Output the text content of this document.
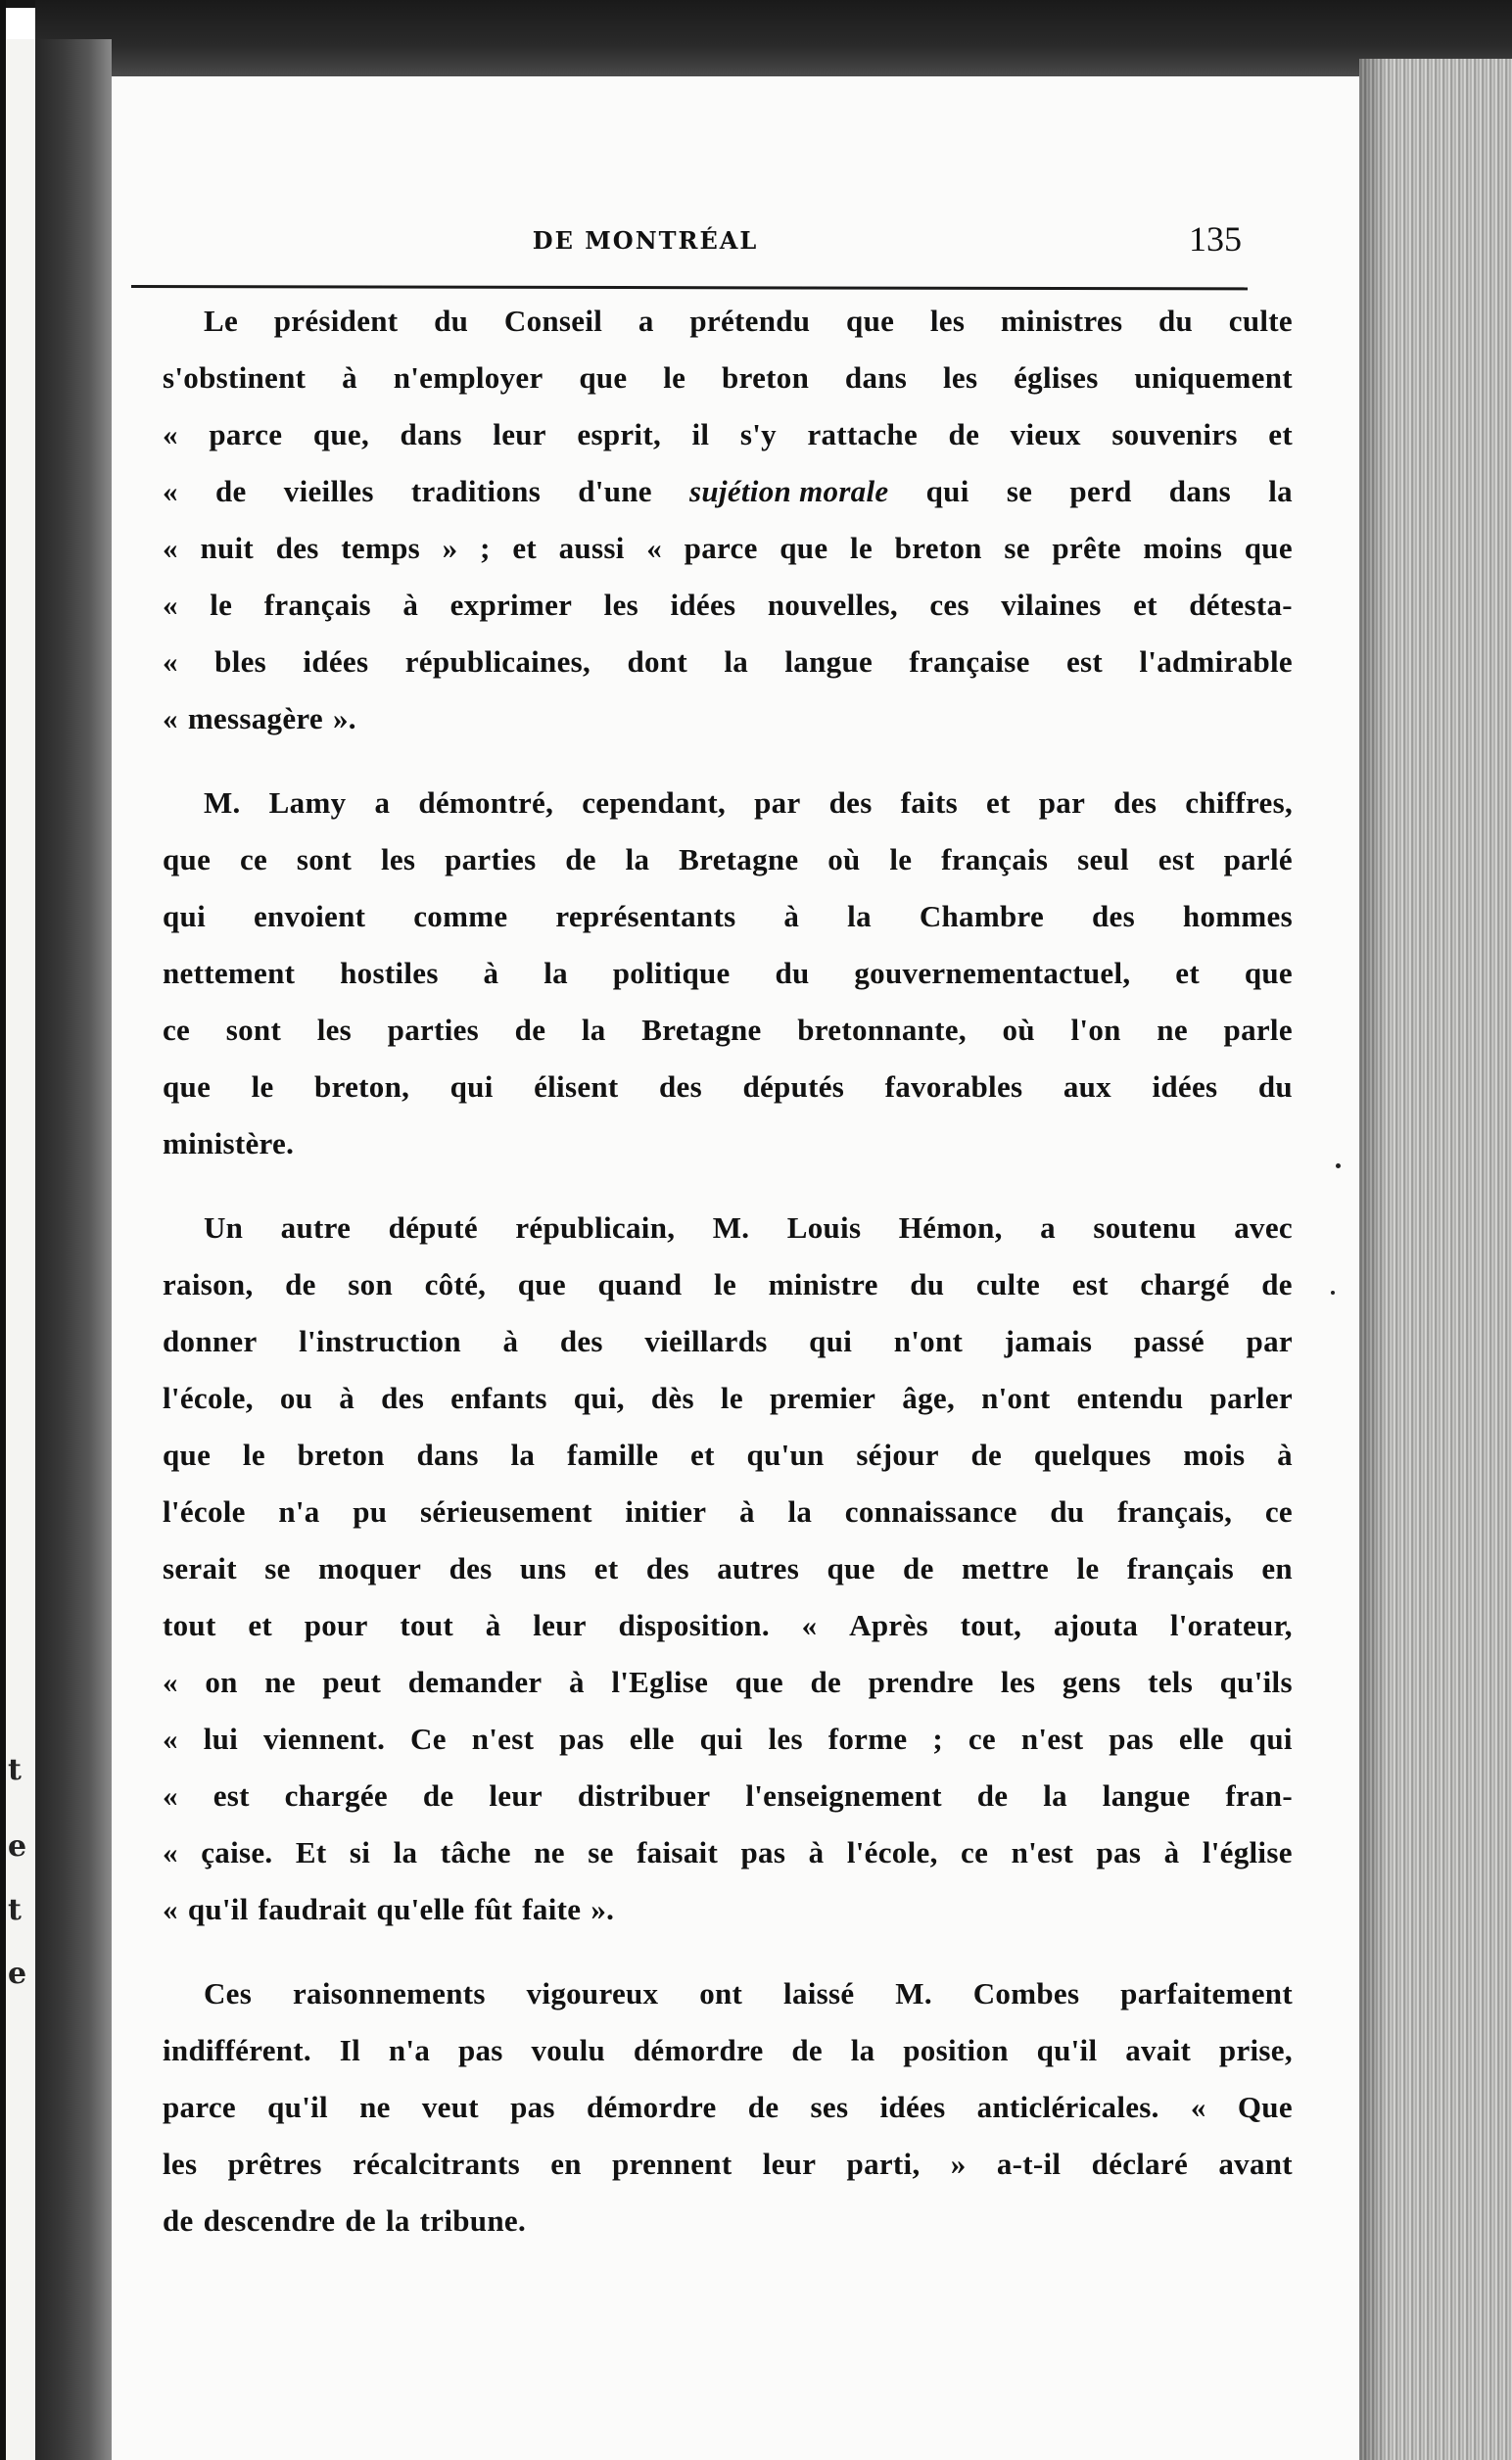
t
e
t
e
DE MONTRÉAL	135
Le président du Conseil a prétendu que les ministres du culte
s'obstinent à n'employer que le breton dans les églises uniquement
« parce que, dans leur esprit, il s'y rattache de vieux souvenirs et
« de vieilles traditions d'une sujétion morale qui se perd dans la
« nuit des temps » ; et aussi « parce que le breton se prête moins que
« le français à exprimer les idées nouvelles, ces vilaines et détesta-
« bles idées républicaines, dont la langue française est l'admirable
« messagère ».
M. Lamy a démontré, cependant, par des faits et par des chiffres,
que ce sont les parties de la Bretagne où le français seul est parlé
qui envoient comme représentants à la Chambre des hommes
nettement hostiles à la politique du gouvernementactuel, et que
ce sont les parties de la Bretagne bretonnante, où l'on ne parle
que le breton, qui élisent des députés favorables aux idées du
ministère.
Un autre député républicain, M. Louis Hémon, a soutenu avec
raison, de son côté, que quand le ministre du culte est chargé de
donner l'instruction à des vieillards qui n'ont jamais passé par
l'école, ou à des enfants qui, dès le premier âge, n'ont entendu parler
que le breton dans la famille et qu'un séjour de quelques mois à
l'école n'a pu sérieusement initier à la connaissance du français, ce
serait se moquer des uns et des autres que de mettre le français en
tout et pour tout à leur disposition. « Après tout, ajouta l'orateur,
« on ne peut demander à l'Eglise que de prendre les gens tels qu'ils
« lui viennent. Ce n'est pas elle qui les forme ; ce n'est pas elle qui
« est chargée de leur distribuer l'enseignement de la langue fran-
« çaise. Et si la tâche ne se faisait pas à l'école, ce n'est pas à l'église
« qu'il faudrait qu'elle fût faite ».
Ces raisonnements vigoureux ont laissé M. Combes parfaitement
indifférent. Il n'a pas voulu démordre de la position qu'il avait prise,
parce qu'il ne veut pas démordre de ses idées anticléricales. « Que
les prêtres récalcitrants en prennent leur parti, » a-t-il déclaré avant
de descendre de la tribune.
